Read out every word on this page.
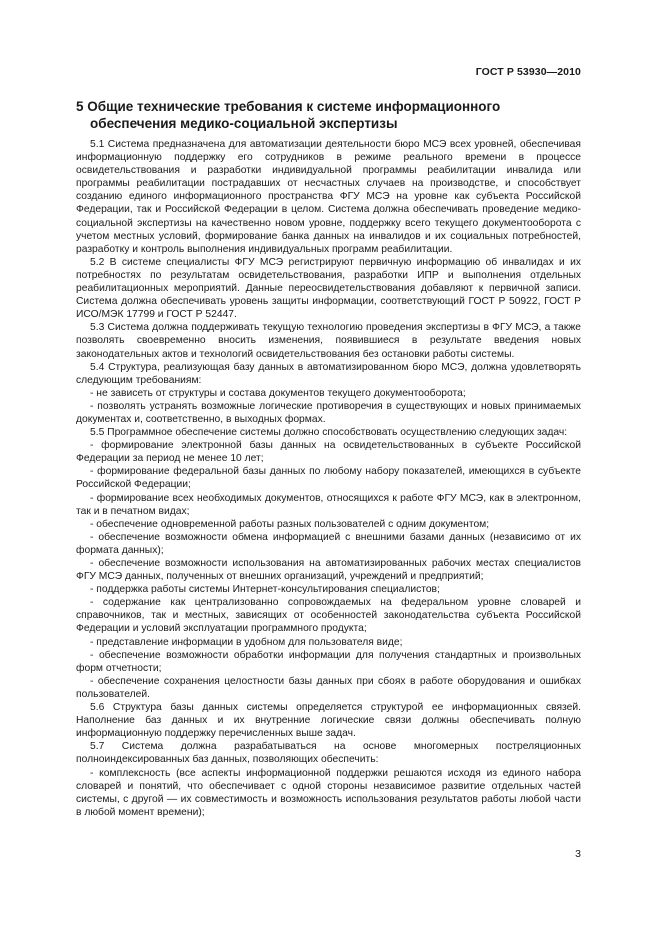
ГОСТ Р 53930—2010
5 Общие технические требования к системе информационного
обеспечения медико-социальной экспертизы

5.1 Система предназначена для автоматизации деятельности бюро МСЭ всех уровней, обеспечивая информационную поддержку его сотрудников в режиме реального времени в процессе освидетельствования и разработки индивидуальной программы реабилитации инвалида или программы реабилитации пострадавших от несчастных случаев на производстве, и способствует созданию единого информационного пространства ФГУ МСЭ на уровне как субъекта Российской Федерации, так и Российской Федерации в целом. Система должна обеспечивать проведение медико-социальной экспертизы на качественно новом уровне, поддержку всего текущего документооборота с учетом местных условий, формирование банка данных на инвалидов и их социальных потребностей, разработку и контроль выполнения индивидуальных программ реабилитации.

5.2 В системе специалисты ФГУ МСЭ регистрируют первичную информацию об инвалидах и их потребностях по результатам освидетельствования, разработки ИПР и выполнения отдельных реабилитационных мероприятий. Данные переосвидетельствования добавляют к первичной записи. Система должна обеспечивать уровень защиты информации, соответствующий ГОСТ Р 50922, ГОСТ Р ИСО/МЭК 17799 и ГОСТ Р 52447.

5.3 Система должна поддерживать текущую технологию проведения экспертизы в ФГУ МСЭ, а также позволять своевременно вносить изменения, появившиеся в результате введения новых законодательных актов и технологий освидетельствования без остановки работы системы.

5.4 Структура, реализующая базу данных в автоматизированном бюро МСЭ, должна удовлетворять следующим требованиям:

- не зависеть от структуры и состава документов текущего документооборота;

- позволять устранять возможные логические противоречия в существующих и новых принимаемых документах и, соответственно, в выходных формах.

5.5 Программное обеспечение системы должно способствовать осуществлению следующих задач:

- формирование электронной базы данных на освидетельствованных в субъекте Российской Федерации за период не менее 10 лет;

- формирование федеральной базы данных по любому набору показателей, имеющихся в субъекте Российской Федерации;

- формирование всех необходимых документов, относящихся к работе ФГУ МСЭ, как в электронном, так и в печатном видах;

- обеспечение одновременной работы разных пользователей с одним документом;

- обеспечение возможности обмена информацией с внешними базами данных (независимо от их формата данных);

- обеспечение возможности использования на автоматизированных рабочих местах специалистов ФГУ МСЭ данных, полученных от внешних организаций, учреждений и предприятий;

- поддержка работы системы Интернет-консультирования специалистов;

- содержание как централизованно сопровождаемых на федеральном уровне словарей и справочников, так и местных, зависящих от особенностей законодательства субъекта Российской Федерации и условий эксплуатации программного продукта;

- представление информации в удобном для пользователя виде;

- обеспечение возможности обработки информации для получения стандартных и произвольных форм отчетности;

- обеспечение сохранения целостности базы данных при сбоях в работе оборудования и ошибках пользователей.

5.6 Структура базы данных системы определяется структурой ее информационных связей. Наполнение баз данных и их внутренние логические связи должны обеспечивать полную информационную поддержку перечисленных выше задач.

5.7 Система должна разрабатываться на основе многомерных постреляционных полноиндексированных баз данных, позволяющих обеспечить:

- комплексность (все аспекты информационной поддержки решаются исходя из единого набора словарей и понятий, что обеспечивает с одной стороны независимое развитие отдельных частей системы, с другой — их совместимость и возможность использования результатов работы любой части в любой момент времени);

3
